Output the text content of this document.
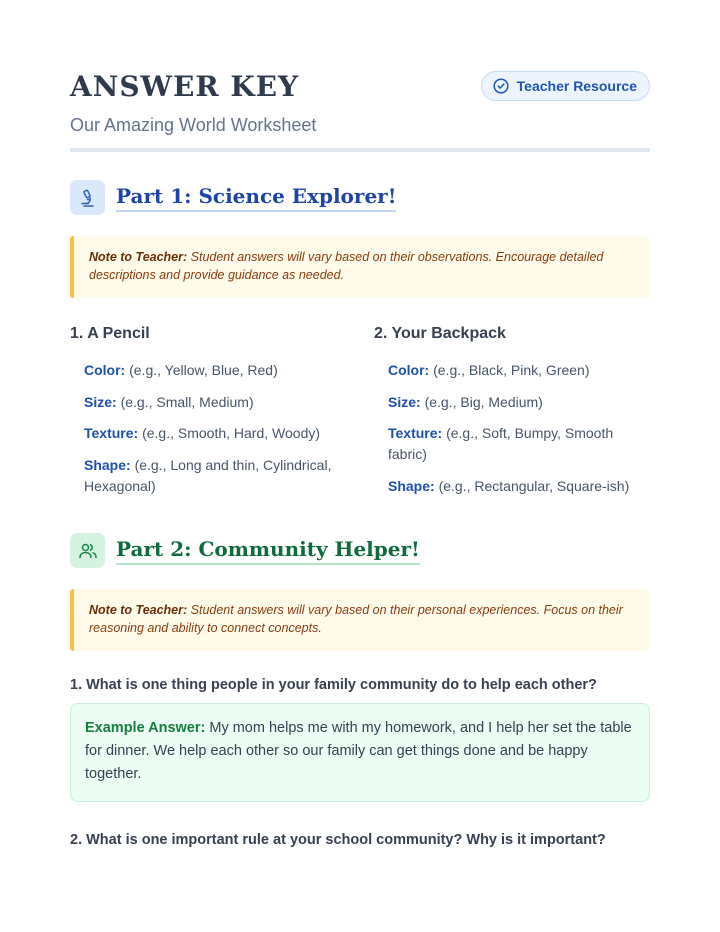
ANSWER KEY
Our Amazing World Worksheet
Teacher Resource
Part 1: Science Explorer!
Note to Teacher: Student answers will vary based on their observations. Encourage detailed descriptions and provide guidance as needed.
1. A Pencil
Color: (e.g., Yellow, Blue, Red)
Size: (e.g., Small, Medium)
Texture: (e.g., Smooth, Hard, Woody)
Shape: (e.g., Long and thin, Cylindrical, Hexagonal)
2. Your Backpack
Color: (e.g., Black, Pink, Green)
Size: (e.g., Big, Medium)
Texture: (e.g., Soft, Bumpy, Smooth fabric)
Shape: (e.g., Rectangular, Square-ish)
Part 2: Community Helper!
Note to Teacher: Student answers will vary based on their personal experiences. Focus on their reasoning and ability to connect concepts.
1. What is one thing people in your family community do to help each other?
Example Answer: My mom helps me with my homework, and I help her set the table for dinner. We help each other so our family can get things done and be happy together.
2. What is one important rule at your school community? Why is it important?
